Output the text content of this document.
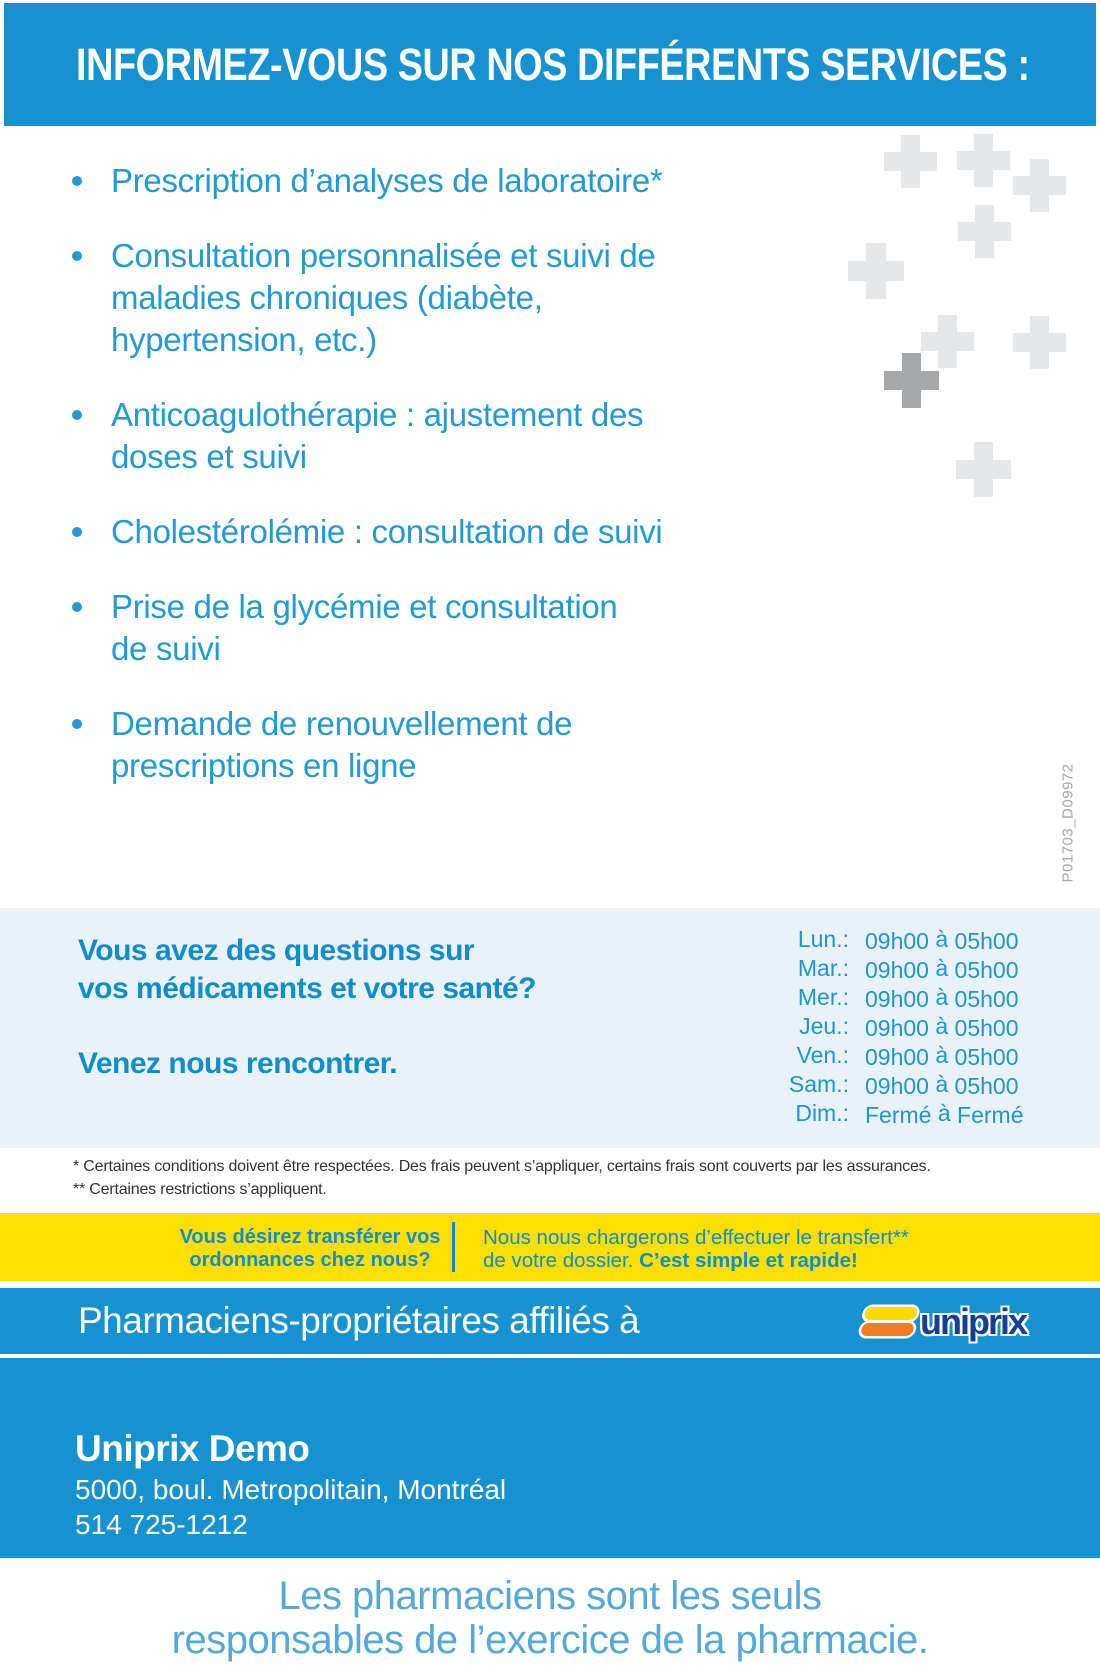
INFORMEZ-VOUS SUR NOS DIFFÉRENTS SERVICES :
Prescription d’analyses de laboratoire*
Consultation personnalisée et suivi de
maladies chroniques (diabète,
hypertension, etc.)
Anticoagulothérapie : ajustement des
doses et suivi
Cholestérolémie : consultation de suivi
Prise de la glycémie et consultation
de suivi
Demande de renouvellement de
prescriptions en ligne	P01703_D09972
Vous avez des questions sur
vos médicaments et votre santé?
Venez nous rencontrer.
Lun.: 09h00 à 05h00
Mar.: 09h00 à 05h00
Mer.: 09h00 à 05h00
Jeu.: 09h00 à 05h00
Ven.: 09h00 à 05h00
Sam.: 09h00 à 05h00
Dim.: Fermé à Fermé
* Certaines conditions doivent être respectées. Des frais peuvent s’appliquer, certains frais sont couverts par les assurances.
** Certaines restrictions s’appliquent.
Vous désirez transférer vos
ordonnances chez nous?
Nous nous chargerons d’effectuer le transfert**
de votre dossier. C’est simple et rapide!
Pharmaciens-propriétaires affiliés à	uniprix
Uniprix Demo
5000, boul. Metropolitain, Montréal
514 725-1212
Les pharmaciens sont les seuls
responsables de l’exercice de la pharmacie.
